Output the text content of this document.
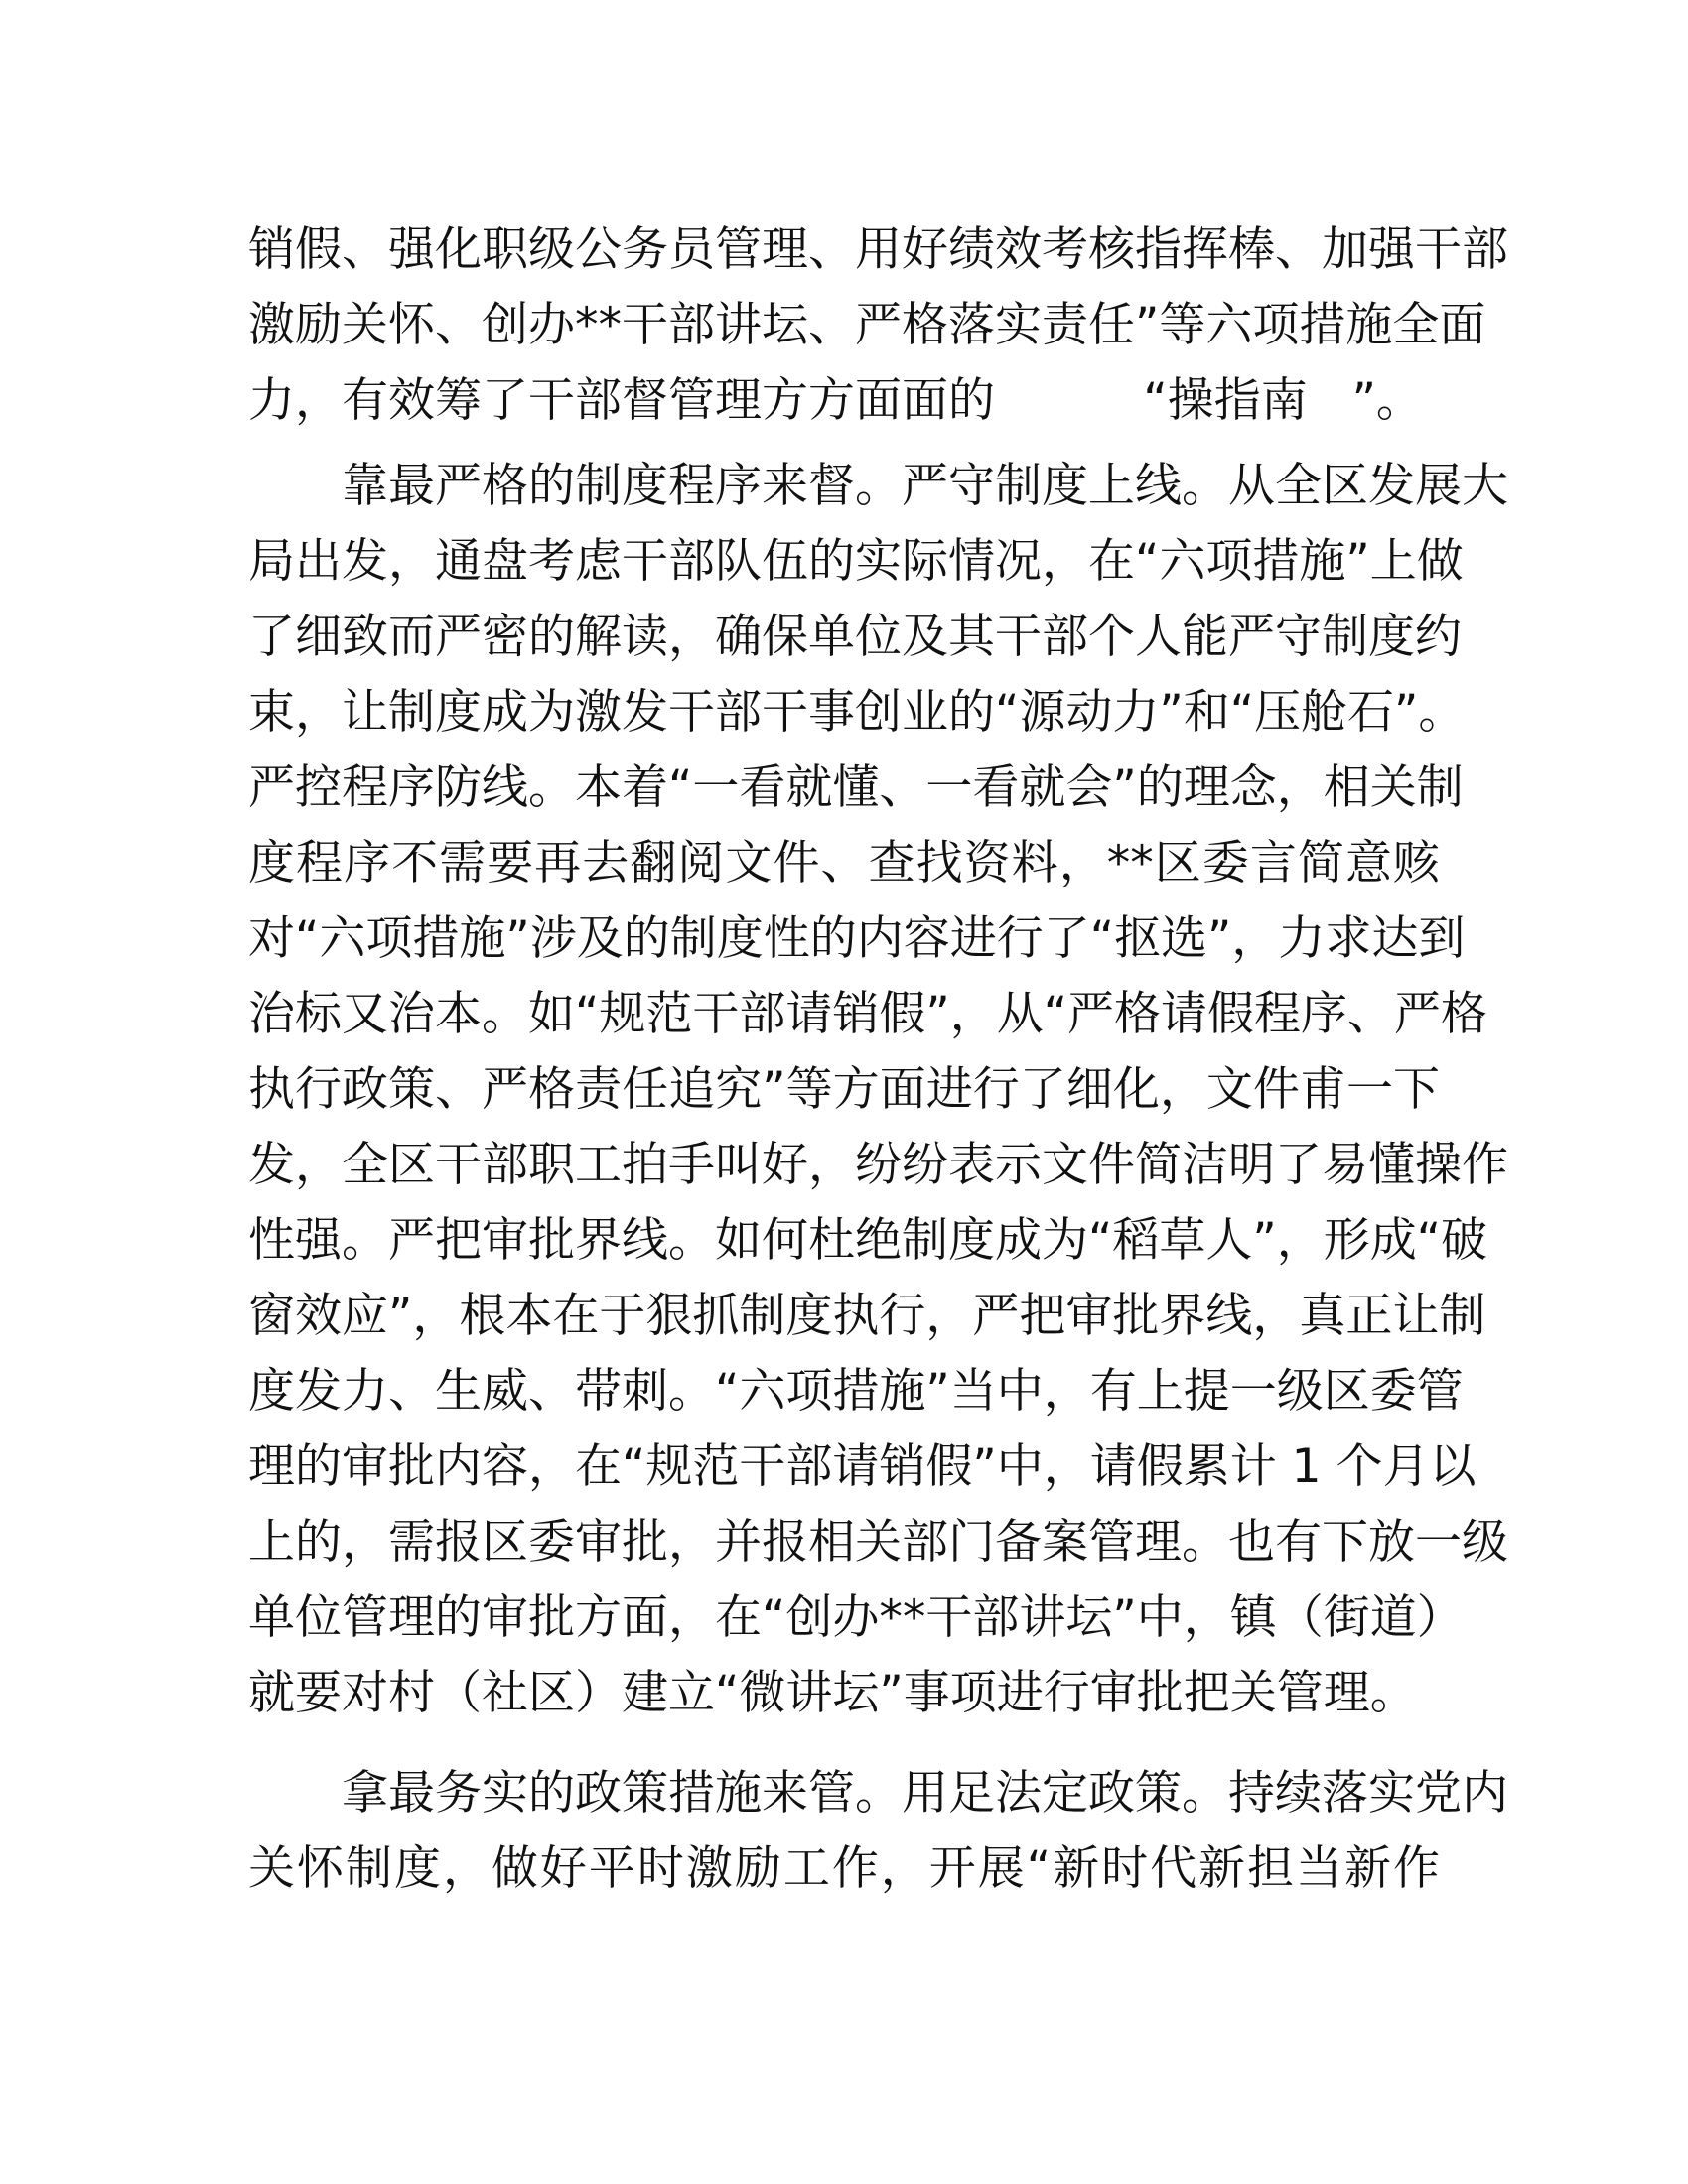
销假、强化职级公务员管理、用好绩效考核指挥棒、加强干部
激励关怀、创办**干部讲坛、严格落实责任”等六项措施全面
力，有效筹了干部督管理方方面面的          “操指南   ”。
靠最严格的制度程序来督。严守制度上线。从全区发展大
局出发，通盘考虑干部队伍的实际情况，在“六项措施”上做
了细致而严密的解读，确保单位及其干部个人能严守制度约
束，让制度成为激发干部干事创业的“源动力”和“压舱石”。
严控程序防线。本着“一看就懂、一看就会”的理念，相关制
度程序不需要再去翻阅文件、查找资料，**区委言简意赅
对“六项措施”涉及的制度性的内容进行了“抠选”，力求达到
治标又治本。如“规范干部请销假”，从“严格请假程序、严格
执行政策、严格责任追究”等方面进行了细化，文件甫一下
发，全区干部职工拍手叫好，纷纷表示文件简洁明了易懂操作
性强。严把审批界线。如何杜绝制度成为“稻草人”，形成“破
窗效应”，根本在于狠抓制度执行，严把审批界线，真正让制
度发力、生威、带刺。“六项措施”当中，有上提一级区委管
理的审批内容，在“规范干部请销假”中，请假累计 1 个月以
上的，需报区委审批，并报相关部门备案管理。也有下放一级
单位管理的审批方面，在“创办**干部讲坛”中，镇（街道）
就要对村（社区）建立“微讲坛”事项进行审批把关管理。
拿最务实的政策措施来管。用足法定政策。持续落实党内
关怀制度，做好平时激励工作，开展“新时代新担当新作
